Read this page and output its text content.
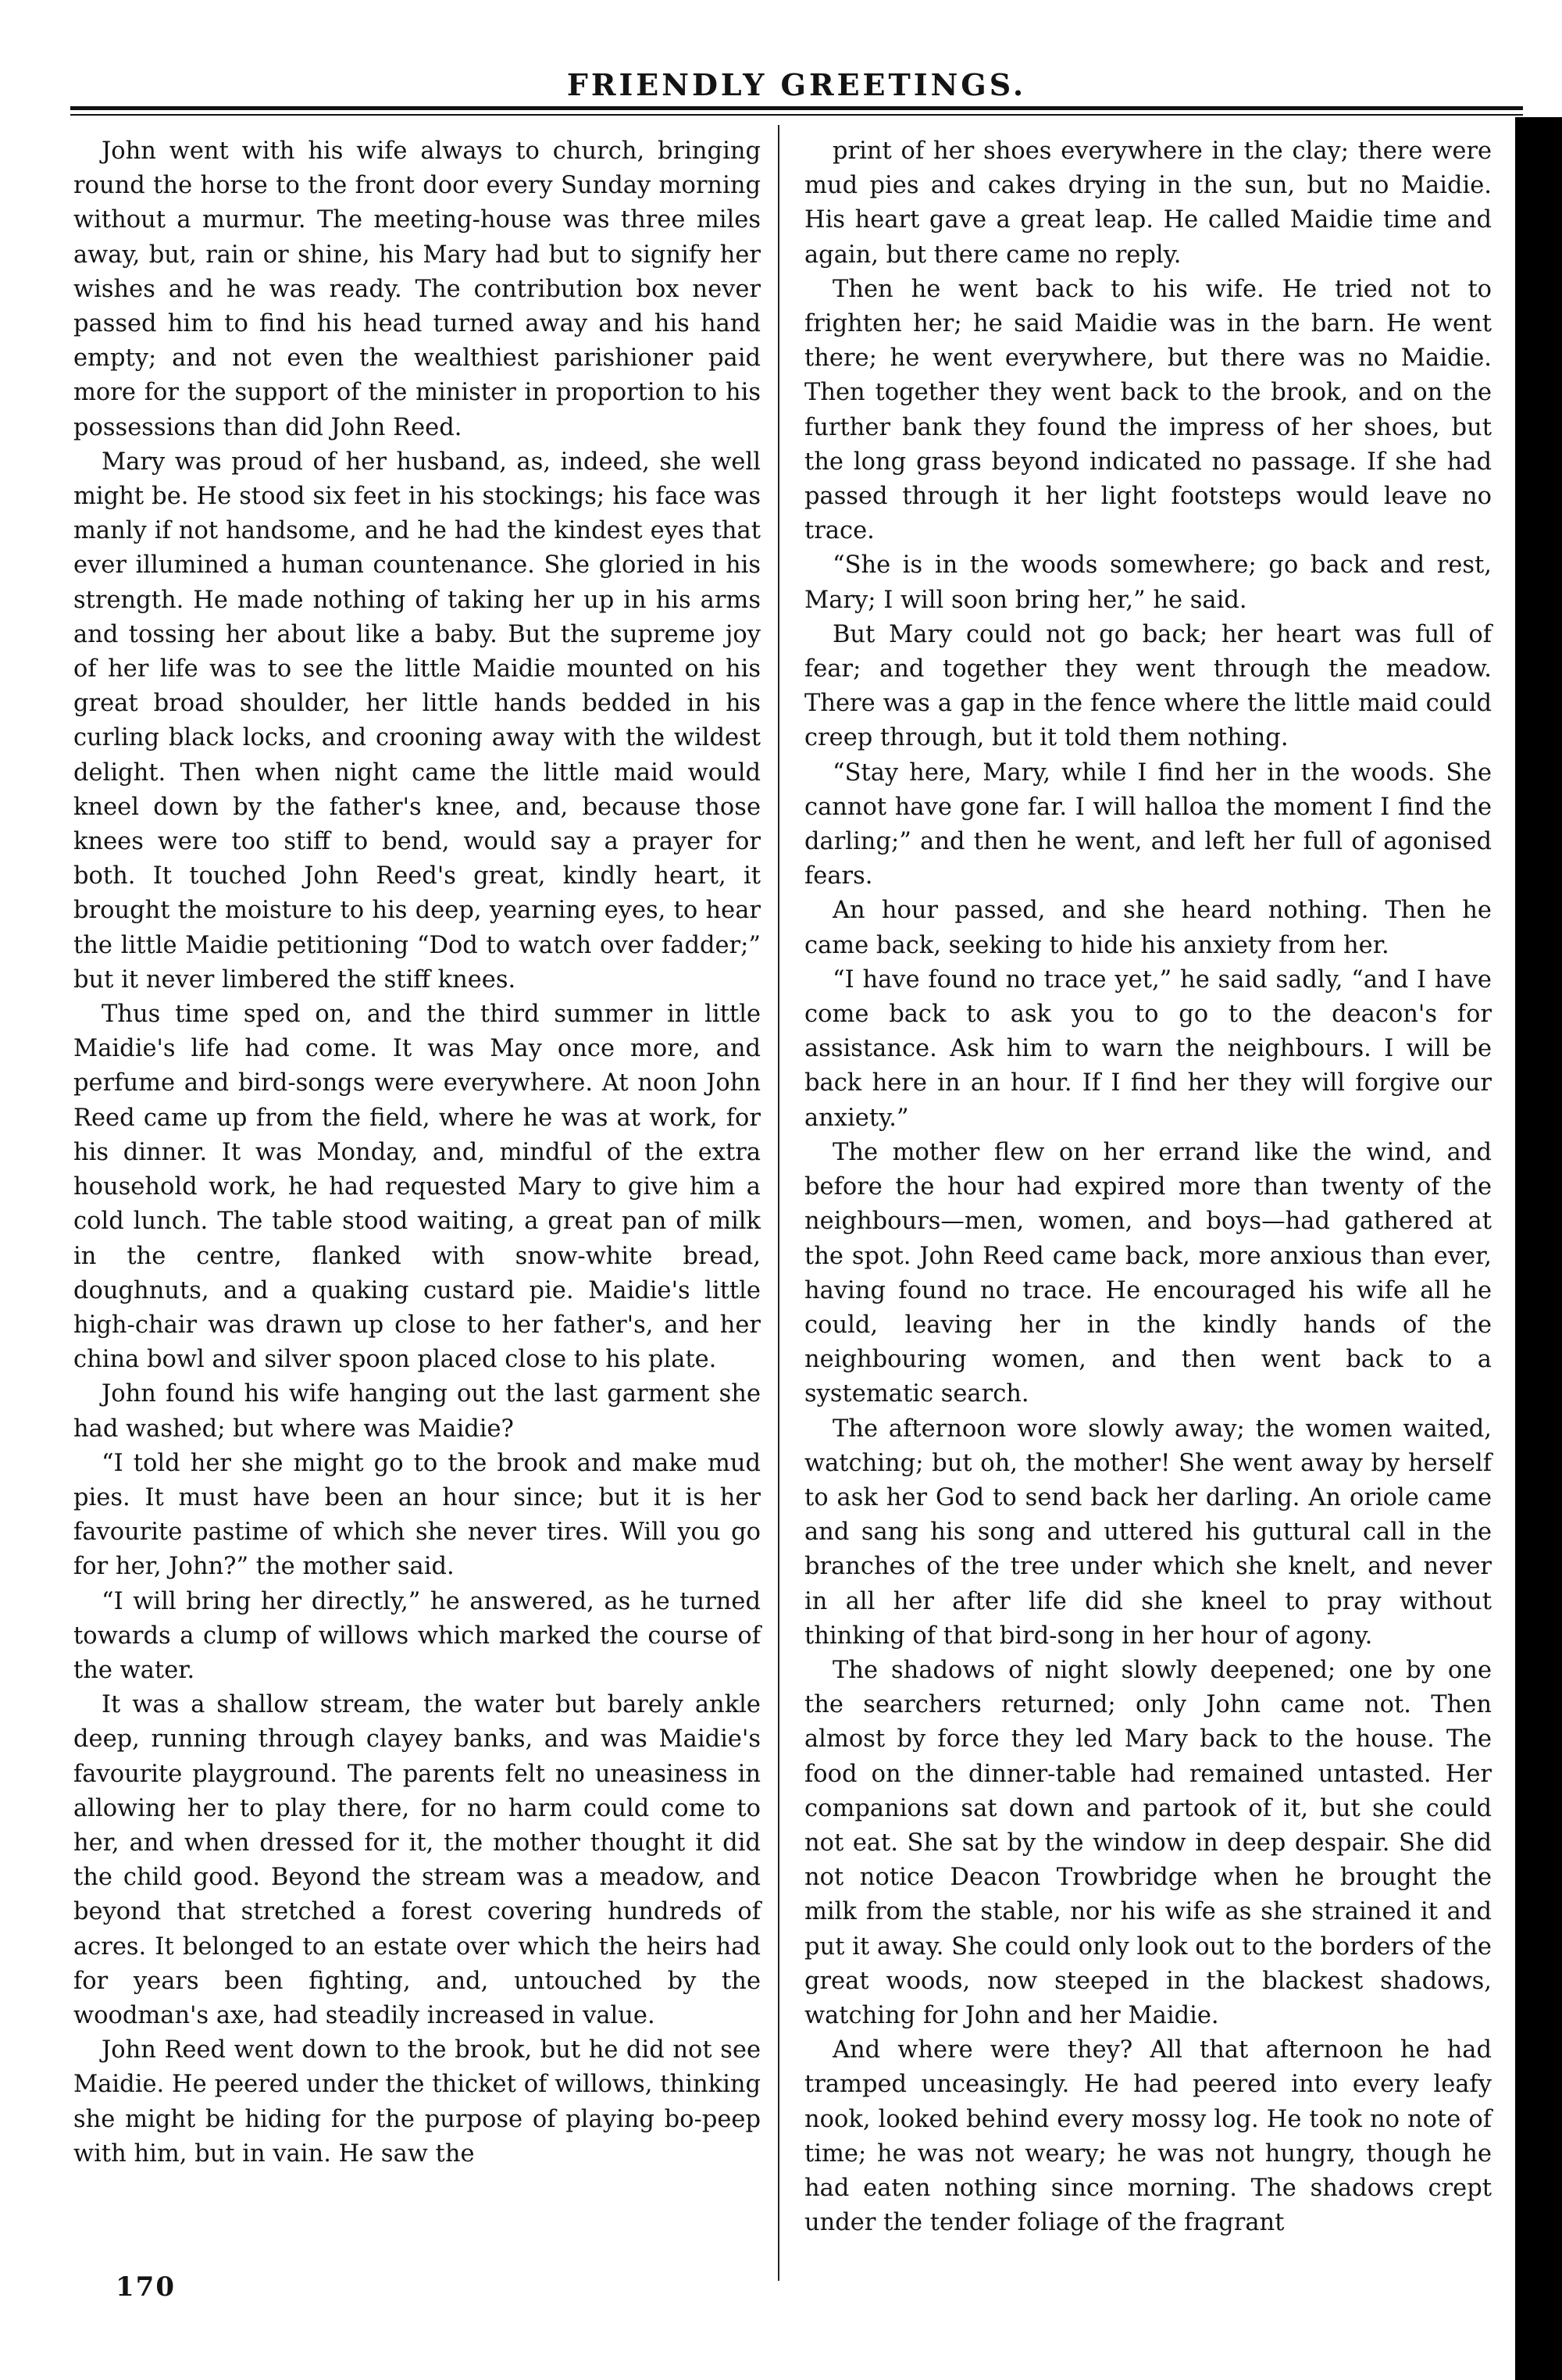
FRIENDLY GREETINGS.

John went with his wife always to church, bringing round the horse to the front door every Sunday morning without a murmur. The meeting-house was three miles away, but, rain or shine, his Mary had but to signify her wishes and he was ready. The contribution box never passed him to find his head turned away and his hand empty; and not even the wealthiest parishioner paid more for the support of the minister in proportion to his possessions than did John Reed.

Mary was proud of her husband, as, indeed, she well might be. He stood six feet in his stockings; his face was manly if not handsome, and he had the kindest eyes that ever illumined a human countenance. She gloried in his strength. He made nothing of taking her up in his arms and tossing her about like a baby. But the supreme joy of her life was to see the little Maidie mounted on his great broad shoulder, her little hands bedded in his curling black locks, and crooning away with the wildest delight. Then when night came the little maid would kneel down by the father's knee, and, because those knees were too stiff to bend, would say a prayer for both. It touched John Reed's great, kindly heart, it brought the moisture to his deep, yearning eyes, to hear the little Maidie petitioning “Dod to watch over fadder;” but it never limbered the stiff knees.

Thus time sped on, and the third summer in little Maidie's life had come. It was May once more, and perfume and bird-songs were everywhere. At noon John Reed came up from the field, where he was at work, for his dinner. It was Monday, and, mindful of the extra household work, he had requested Mary to give him a cold lunch. The table stood waiting, a great pan of milk in the centre, flanked with snow-white bread, doughnuts, and a quaking custard pie. Maidie's little high-chair was drawn up close to her father's, and her china bowl and silver spoon placed close to his plate.

John found his wife hanging out the last garment she had washed; but where was Maidie?

“I told her she might go to the brook and make mud pies. It must have been an hour since; but it is her favourite pastime of which she never tires. Will you go for her, John?” the mother said.

“I will bring her directly,” he answered, as he turned towards a clump of willows which marked the course of the water.

It was a shallow stream, the water but barely ankle deep, running through clayey banks, and was Maidie's favourite playground. The parents felt no uneasiness in allowing her to play there, for no harm could come to her, and when dressed for it, the mother thought it did the child good. Beyond the stream was a meadow, and beyond that stretched a forest covering hundreds of acres. It belonged to an estate over which the heirs had for years been fighting, and, untouched by the woodman's axe, had steadily increased in value.

John Reed went down to the brook, but he did not see Maidie. He peered under the thicket of willows, thinking she might be hiding for the purpose of playing bo-peep with him, but in vain. He saw the

print of her shoes everywhere in the clay; there were mud pies and cakes drying in the sun, but no Maidie. His heart gave a great leap. He called Maidie time and again, but there came no reply.

Then he went back to his wife. He tried not to frighten her; he said Maidie was in the barn. He went there; he went everywhere, but there was no Maidie. Then together they went back to the brook, and on the further bank they found the impress of her shoes, but the long grass beyond indicated no passage. If she had passed through it her light footsteps would leave no trace.

“She is in the woods somewhere; go back and rest, Mary; I will soon bring her,” he said.

But Mary could not go back; her heart was full of fear; and together they went through the meadow. There was a gap in the fence where the little maid could creep through, but it told them nothing.

“Stay here, Mary, while I find her in the woods. She cannot have gone far. I will halloa the moment I find the darling;” and then he went, and left her full of agonised fears.

An hour passed, and she heard nothing. Then he came back, seeking to hide his anxiety from her.

“I have found no trace yet,” he said sadly, “and I have come back to ask you to go to the deacon's for assistance. Ask him to warn the neighbours. I will be back here in an hour. If I find her they will forgive our anxiety.”

The mother flew on her errand like the wind, and before the hour had expired more than twenty of the neighbours—men, women, and boys—had gathered at the spot. John Reed came back, more anxious than ever, having found no trace. He encouraged his wife all he could, leaving her in the kindly hands of the neighbouring women, and then went back to a systematic search.

The afternoon wore slowly away; the women waited, watching; but oh, the mother! She went away by herself to ask her God to send back her darling. An oriole came and sang his song and uttered his guttural call in the branches of the tree under which she knelt, and never in all her after life did she kneel to pray without thinking of that bird-song in her hour of agony.

The shadows of night slowly deepened; one by one the searchers returned; only John came not. Then almost by force they led Mary back to the house. The food on the dinner-table had remained untasted. Her companions sat down and partook of it, but she could not eat. She sat by the window in deep despair. She did not notice Deacon Trowbridge when he brought the milk from the stable, nor his wife as she strained it and put it away. She could only look out to the borders of the great woods, now steeped in the blackest shadows, watching for John and her Maidie.

And where were they? All that afternoon he had tramped unceasingly. He had peered into every leafy nook, looked behind every mossy log. He took no note of time; he was not weary; he was not hungry, though he had eaten nothing since morning. The shadows crept under the tender foliage of the fragrant

170
